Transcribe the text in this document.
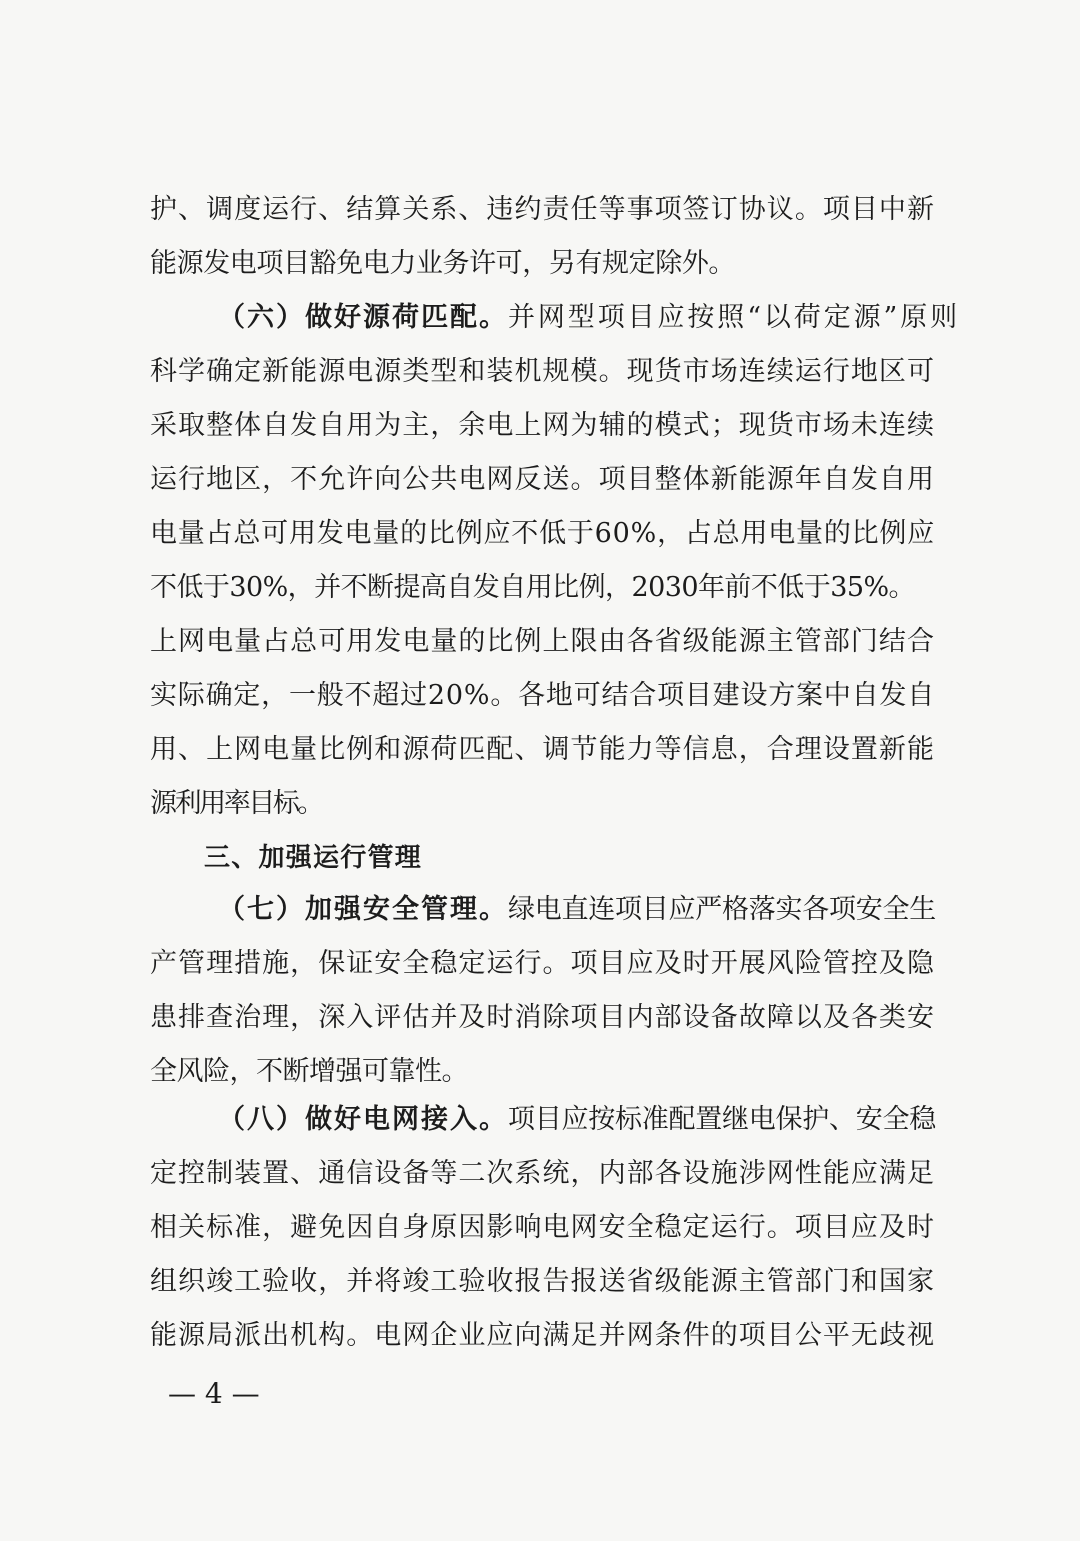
护、调度运行、结算关系、违约责任等事项签订协议。项目中新
能源发电项目豁免电力业务许可，另有规定除外。
（六）做好源荷匹配。并网型项目应按照“以荷定源”原则
科学确定新能源电源类型和装机规模。现货市场连续运行地区可
采取整体自发自用为主，余电上网为辅的模式；现货市场未连续
运行地区，不允许向公共电网反送。项目整体新能源年自发自用
电量占总可用发电量的比例应不低于60%，占总用电量的比例应
不低于30%，并不断提高自发自用比例，2030年前不低于35%。
上网电量占总可用发电量的比例上限由各省级能源主管部门结合
实际确定，一般不超过20%。各地可结合项目建设方案中自发自
用、上网电量比例和源荷匹配、调节能力等信息，合理设置新能
源利用率目标。
三、加强运行管理
（七）加强安全管理。绿电直连项目应严格落实各项安全生
产管理措施，保证安全稳定运行。项目应及时开展风险管控及隐
患排查治理，深入评估并及时消除项目内部设备故障以及各类安
全风险，不断增强可靠性。
（八）做好电网接入。项目应按标准配置继电保护、安全稳
定控制装置、通信设备等二次系统，内部各设施涉网性能应满足
相关标准，避免因自身原因影响电网安全稳定运行。项目应及时
组织竣工验收，并将竣工验收报告报送省级能源主管部门和国家
能源局派出机构。电网企业应向满足并网条件的项目公平无歧视
— 4 —
